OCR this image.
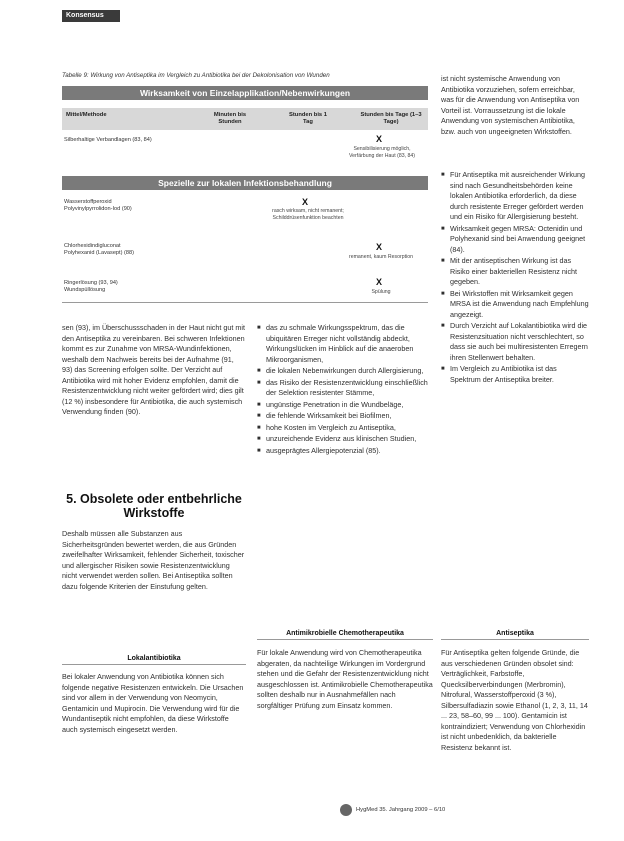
Konsensus
Tabelle 9: Wirkung von Antiseptika im Vergleich zu Antibiotika bei der Dekolonisation von Wunden
Wirksamkeit von Einzelapplikation/Nebenwirkungen
Mittel/Methode	Minuten bis Stunden
Stunden bis 1 Tag
Stunden bis Tage (1–3 Tage)
Silberhaltige Verbandlagen (83, 84)	X
Sensibilisierung möglich, Verfärbung der Haut (83, 84)
Spezielle zur lokalen Infektionsbehandlung
Wasserstoffperoxid
Polyvinylpyrrolidon-Iod (90)
X
rasch wirksam, nicht remanent; Schilddrüsenfunktion beachten
Chlorhexidindigluconat
Polyhexanid (Lavasept) (88)
X
remanent, kaum Resorption
Ringerlösung (93, 94)
Wundspüllösung
X
Spülung
sen (93), im Überschussschaden in der Haut nicht gut mit den Antiseptika zu vereinbaren. Bei schweren Infektionen kommt es zur Zunahme von MRSA-Wundinfektionen, weshalb dem Nachweis bereits bei der Aufnahme (91, 93) das Screening erfolgen sollte. Der Verzicht auf Antibiotika wird mit hoher Evidenz empfohlen, damit die Resistenzentwicklung nicht weiter gefördert wird; dies gilt (12 %) insbesondere für Antibiotika, die auch systemisch Verwendung finden (90).
5. Obsolete oder entbehrliche Wirkstoffe
Deshalb müssen alle Substanzen aus Sicherheitsgründen bewertet werden, die aus Gründen zweifelhafter Wirksamkeit, fehlender Sicherheit, toxischer und allergischer Risiken sowie Resistenzentwicklung nicht verwendet werden sollen. Bei Antiseptika sollten dazu folgende Kriterien der Einstufung gelten.
Lokalantibiotika
Bei lokaler Anwendung von Antibiotika können sich folgende negative Resistenzen entwickeln. Die Ursachen sind vor allem in der Verwendung von Neomycin, Gentamicin und Mupirocin. Die Verwendung wird für die Wundantiseptik nicht empfohlen, da diese Wirkstoffe auch systemisch eingesetzt werden.
■ das zu schmale Wirkungsspektrum, das die ubiquitären Erreger nicht vollständig abdeckt, Wirkungslücken im Hinblick auf die anaeroben Mikroorganismen,
■ die lokalen Nebenwirkungen durch Allergisierung,
■ das Risiko der Resistenzentwicklung einschließlich der Selektion resistenter Stämme,
■ ungünstige Penetration in die Wundbeläge,
■ die fehlende Wirksamkeit bei Biofilmen,
■ hohe Kosten im Vergleich zu Antiseptika,
■ unzureichende Evidenz aus klinischen Studien,
■ ausgeprägtes Allergiepotenzial (85).
Antimikrobielle Chemotherapeutika
Für lokale Anwendung wird von Chemotherapeutika abgeraten, da nachteilige Wirkungen im Vordergrund stehen und die Gefahr der Resistenzentwicklung nicht ausgeschlossen ist. Antimikrobielle Chemotherapeutika sollten deshalb nur in Ausnahmefällen nach sorgfältiger Prüfung zum Einsatz kommen.
ist nicht systemische Anwendung von Antibiotika vorzuziehen, sofern erreichbar, was für die Anwendung von Antiseptika von Vorteil ist. Vorraussetzung ist die lokale Anwendung von systemischen Antibiotika, bzw. auch von ungeeigneten Wirkstoffen.
■ Für Antiseptika mit ausreichender Wirkung sind nach Gesundheitsbehörden keine lokalen Antibiotika erforderlich, da diese durch resistente Erreger gefördert werden und ein Risiko für Allergisierung besteht.
■ Wirksamkeit gegen MRSA: Octenidin und Polyhexanid sind bei Anwendung geeignet (84).
■ Mit der antiseptischen Wirkung ist das Risiko einer bakteriellen Resistenz nicht gegeben.
■ Bei Wirkstoffen mit Wirksamkeit gegen MRSA ist die Anwendung nach Empfehlung angezeigt.
■ Durch Verzicht auf Lokalantibiotika wird die Resistenzsituation nicht verschlechtert, so dass sie auch bei multiresistenten Erregern ihren Stellenwert behalten.
■ Im Vergleich zu Antibiotika ist das Spektrum der Antiseptika breiter.
Antiseptika
Für Antiseptika gelten folgende Gründe, die aus verschiedenen Gründen obsolet sind: Verträglichkeit, Farbstoffe, Quecksilberverbindungen (Merbromin), Nitrofural, Wasserstoffperoxid (3 %), Silbersulfadiazin sowie Ethanol (1, 2, 3, 11, 14 ... 23, 58–60, 99 ... 100). Gentamicin ist kontraindiziert; Verwendung von Chlorhexidin ist nicht unbedenklich, da bakterielle Resistenz bekannt ist.
HygMed 35. Jahrgang 2009 – 6/10
